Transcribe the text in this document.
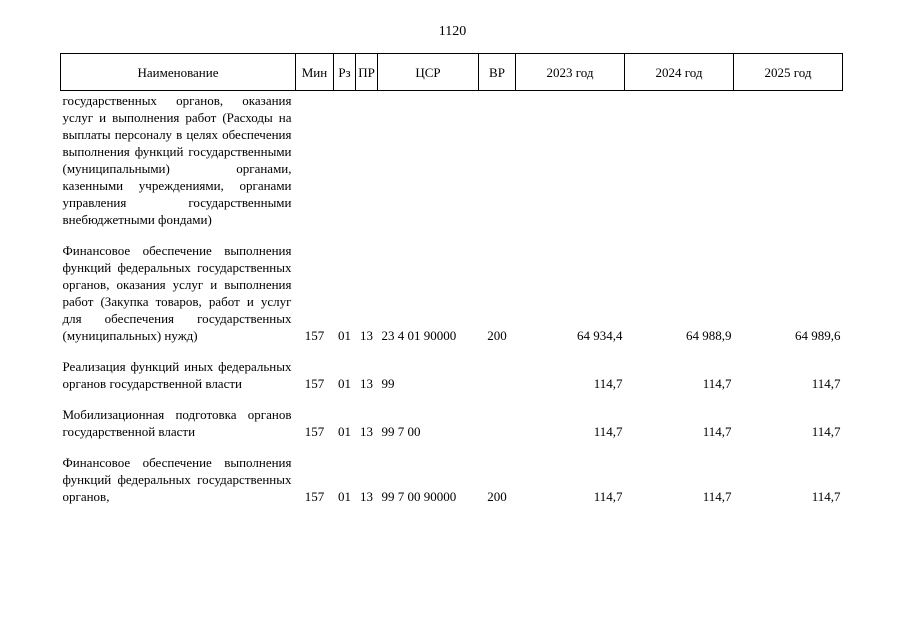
1120
Наименование	Мин	Рз	ПР	ЦСР	ВР	2023 год	2024 год	2025 год
государственных органов, оказания услуг и выполнения работ (Расходы на выплаты персоналу в целях обеспечения выполнения функций государственными (муниципальными) органами, казенными учреждениями, органами управления государственными внебюджетными фондами)								

Финансовое обеспечение выполнения функций федеральных государственных органов, оказания услуг и выполнения работ (Закупка товаров, работ и услуг для обеспечения государственных (муниципальных) нужд)	157	01	13	23 4 01 90000	200	64 934,4	64 988,9	64 989,6

Реализация функций иных федеральных органов государственной власти	157	01	13	99		114,7	114,7	114,7

Мобилизационная подготовка органов государственной власти	157	01	13	99 7 00		114,7	114,7	114,7

Финансовое обеспечение выполнения функций федеральных государственных органов,	157	01	13	99 7 00 90000	200	114,7	114,7	114,7
